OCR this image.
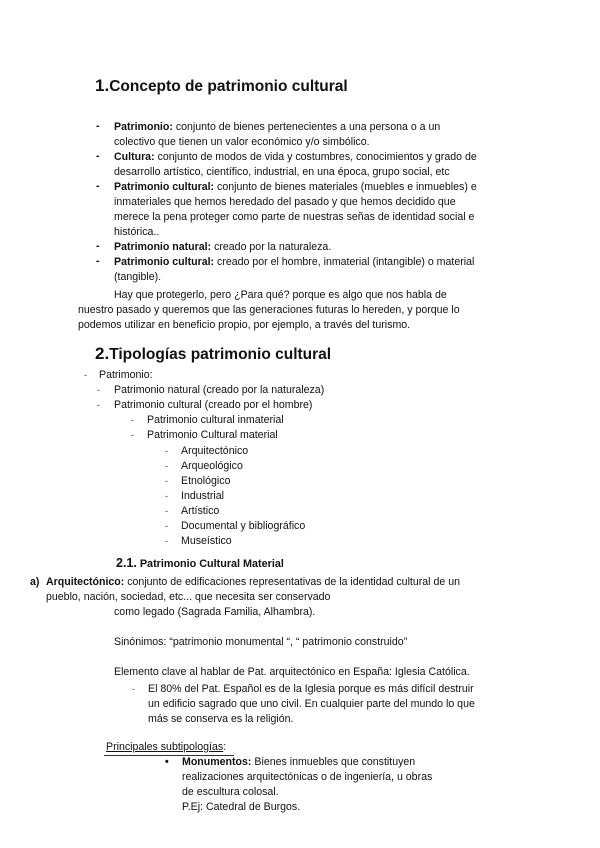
1.Concepto de patrimonio cultural
- Patrimonio: conjunto de bienes pertenecientes a una persona o a un
colectivo que tienen un valor económico y/o simbólico.
- Cultura: conjunto de modos de vida y costumbres, conocimientos y grado de
desarrollo artístico, científico, industrial, en una época, grupo social, etc
- Patrimonio cultural: conjunto de bienes materiales (muebles e inmuebles) e
inmateriales que hemos heredado del pasado y que hemos decidido que
merece la pena proteger como parte de nuestras señas de identidad social e
histórica..
- Patrimonio natural: creado por la naturaleza.
- Patrimonio cultural: creado por el hombre, inmaterial (intangible) o material
(tangible).
Hay que protegerlo, pero ¿Para qué? porque es algo que nos habla de
nuestro pasado y queremos que las generaciones futuras lo hereden, y porque lo
podemos utilizar en beneficio propio, por ejemplo, a través del turismo.
2.Tipologías patrimonio cultural
- Patrimonio:
- Patrimonio natural (creado por la naturaleza)
- Patrimonio cultural (creado por el hombre)
- Patrimonio cultural inmaterial
- Patrimonio Cultural material
- Arquitectónico
- Arqueológico
- Etnológico
- Industrial
- Artístico
- Documental y bibliográfico
- Museístico
2.1. Patrimonio Cultural Material
a) Arquitectónico: conjunto de edificaciones representativas de la identidad cultural de un
pueblo, nación, sociedad, etc... que necesita ser conservado
como legado (Sagrada Familia, Alhambra).
Sinónimos: “patrimonio monumental “, “ patrimonio construido”
Elemento clave al hablar de Pat. arquitectónico en España: Iglesia Católica.
- El 80% del Pat. Español es de la Iglesia porque es más difícil destruir
un edificio sagrado que uno civil. En cualquier parte del mundo lo que
más se conserva es la religión.
Principales subtipologías:
• Monumentos: Bienes inmuebles que constituyen
realizaciones arquitectónicas o de ingeniería, u obras
de escultura colosal.
P.Ej: Catedral de Burgos.
